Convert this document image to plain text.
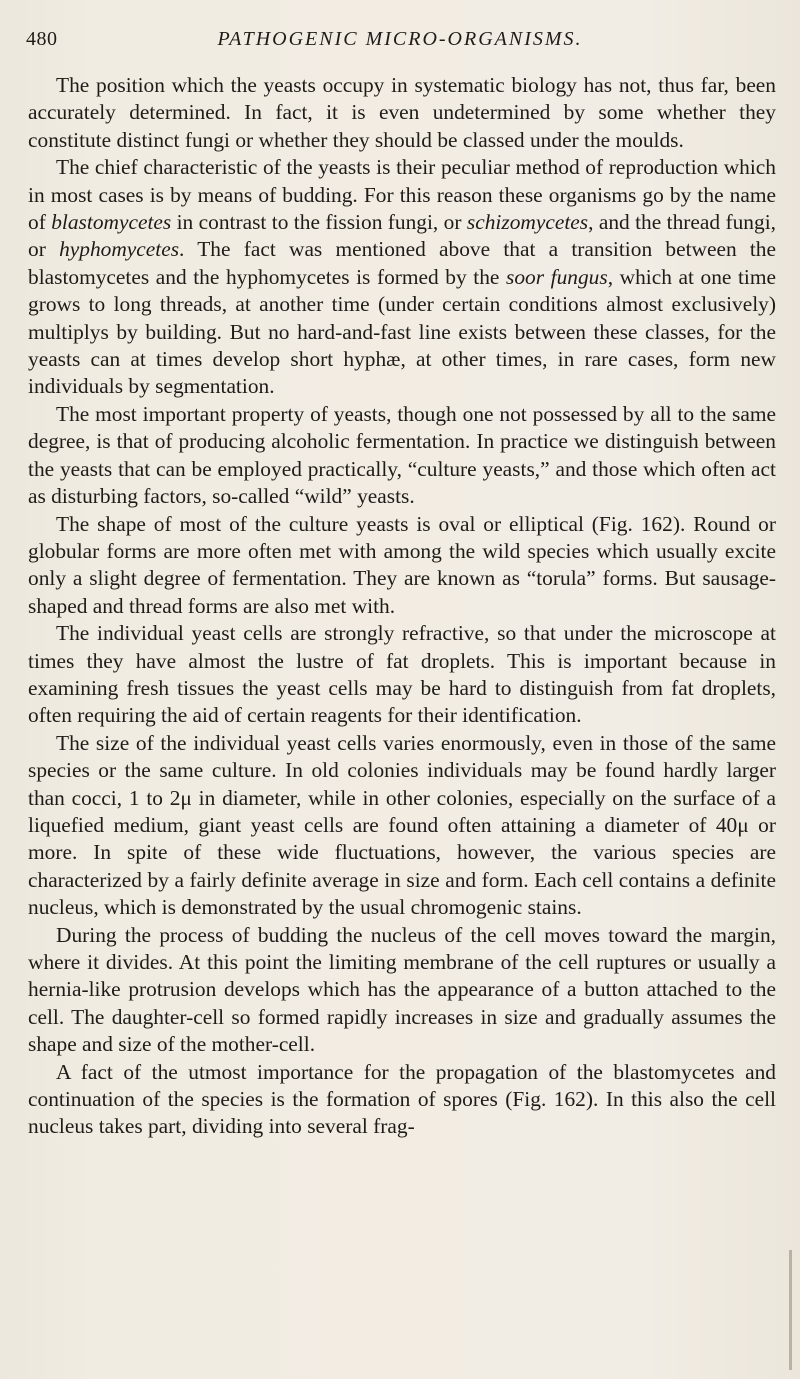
480	PATHOGENIC MICRO-ORGANISMS.

The position which the yeasts occupy in systematic biology has not, thus far, been accurately determined. In fact, it is even undetermined by some whether they constitute distinct fungi or whether they should be classed under the moulds.

The chief characteristic of the yeasts is their peculiar method of reproduction which in most cases is by means of budding. For this reason these organisms go by the name of blastomycetes in contrast to the fission fungi, or schizomycetes, and the thread fungi, or hyphomycetes. The fact was mentioned above that a transition between the blastomycetes and the hyphomycetes is formed by the soor fungus, which at one time grows to long threads, at another time (under certain conditions almost exclusively) multiplys by building. But no hard-and-fast line exists between these classes, for the yeasts can at times develop short hyphæ, at other times, in rare cases, form new individuals by segmentation.

The most important property of yeasts, though one not possessed by all to the same degree, is that of producing alcoholic fermentation. In practice we distinguish between the yeasts that can be employed practically, “culture yeasts,” and those which often act as disturbing factors, so-called “wild” yeasts.

The shape of most of the culture yeasts is oval or elliptical (Fig. 162). Round or globular forms are more often met with among the wild species which usually excite only a slight degree of fermentation. They are known as “torula” forms. But sausage-shaped and thread forms are also met with.

The individual yeast cells are strongly refractive, so that under the microscope at times they have almost the lustre of fat droplets. This is important because in examining fresh tissues the yeast cells may be hard to distinguish from fat droplets, often requiring the aid of certain reagents for their identification.

The size of the individual yeast cells varies enormously, even in those of the same species or the same culture. In old colonies individuals may be found hardly larger than cocci, 1 to 2μ in diameter, while in other colonies, especially on the surface of a liquefied medium, giant yeast cells are found often attaining a diameter of 40μ or more. In spite of these wide fluctuations, however, the various species are characterized by a fairly definite average in size and form. Each cell contains a definite nucleus, which is demonstrated by the usual chromogenic stains.

During the process of budding the nucleus of the cell moves toward the margin, where it divides. At this point the limiting membrane of the cell ruptures or usually a hernia-like protrusion develops which has the appearance of a button attached to the cell. The daughter-cell so formed rapidly increases in size and gradually assumes the shape and size of the mother-cell.

A fact of the utmost importance for the propagation of the blastomycetes and continuation of the species is the formation of spores (Fig. 162). In this also the cell nucleus takes part, dividing into several frag-
